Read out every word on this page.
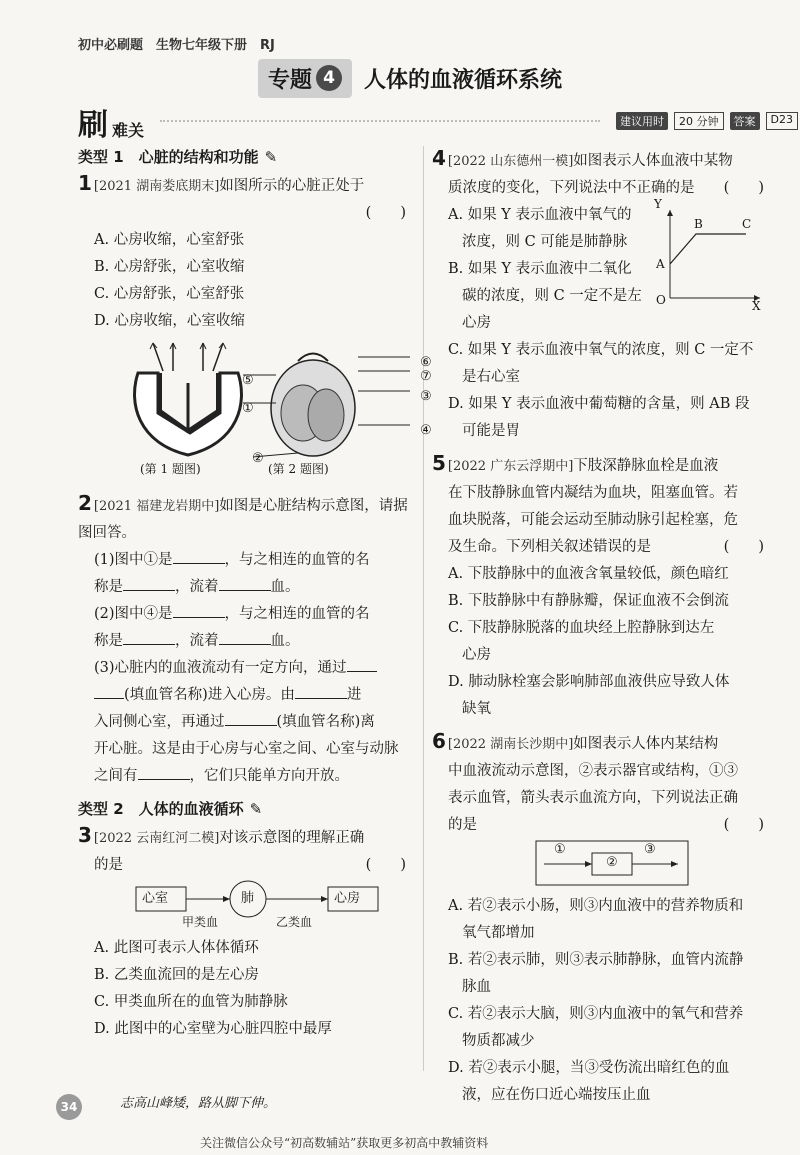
初中必刷题　生物七年级下册　RJ
专题 4	人体的血液循环系统
刷 难关	建议用时	20 分钟	答案	D23

类型 1　心脏的结构和功能 ✎

1 [2021 湖南娄底期末]如图所示的心脏正处于

(　　)

A. 心房收缩，心室舒张

B. 心房舒张，心室收缩

C. 心房舒张，心室舒张

D. 心房收缩，心室收缩

⑤
⑥
⑦
③
①
④
②
(第 1 题图)	(第 2 题图)

2 [2021 福建龙岩期中]如图是心脏结构示意图，请据图回答。

(1)图中①是	，与之相连的血管的名

称是	，流着	血。

(2)图中④是	，与之相连的血管的名

称是	，流着	血。

(3)心脏内的血液流动有一定方向，通过

(填血管名称)进入心房。由	进

入同侧心室，再通过	(填血管名称)离

开心脏。这是由于心房与心室之间、心室与动脉

之间有	，它们只能单方向开放。

类型 2　人体的血液循环 ✎

3 [2022 云南红河二模]对该示意图的理解正确

的是	(　　)

心室	肺	心房
甲类血	乙类血

A. 此图可表示人体体循环

B. 乙类血流回的是左心房

C. 甲类血所在的血管为肺静脉

D. 此图中的心室壁为心脏四腔中最厚

4 [2022 山东德州一模]如图表示人体血液中某物

质浓度的变化，下列说法中不正确的是 (　　)

A. 如果 Y 表示血液中氧气的

浓度，则 C 可能是肺静脉

B. 如果 Y 表示血液中二氧化

碳的浓度，则 C 一定不是左

心房

Y
X
O
A
B	C

C. 如果 Y 表示血液中氧气的浓度，则 C 一定不

是右心室

D. 如果 Y 表示血液中葡萄糖的含量，则 AB 段

可能是胃

5 [2022 广东云浮期中]下肢深静脉血栓是血液

在下肢静脉血管内凝结为血块，阻塞血管。若

血块脱落，可能会运动至肺动脉引起栓塞，危

及生命。下列相关叙述错误的是	(　　)

A. 下肢静脉中的血液含氧量较低，颜色暗红

B. 下肢静脉中有静脉瓣，保证血液不会倒流

C. 下肢静脉脱落的血块经上腔静脉到达左

心房

D. 肺动脉栓塞会影响肺部血液供应导致人体

缺氧

6 [2022 湖南长沙期中]如图表示人体内某结构

中血液流动示意图，②表示器官或结构，①③

表示血管，箭头表示血流方向，下列说法正确

的是	(　　)

①
②
③

A. 若②表示小肠，则③内血液中的营养物质和

氧气都增加

B. 若②表示肺，则③表示肺静脉，血管内流静

脉血

C. 若②表示大脑，则③内血液中的氧气和营养

物质都减少

D. 若②表示小腿，当③受伤流出暗红色的血

液，应在伤口近心端按压止血

34	志高山峰矮，路从脚下伸。
关注微信公众号“初高数辅站”获取更多初高中教辅资料
